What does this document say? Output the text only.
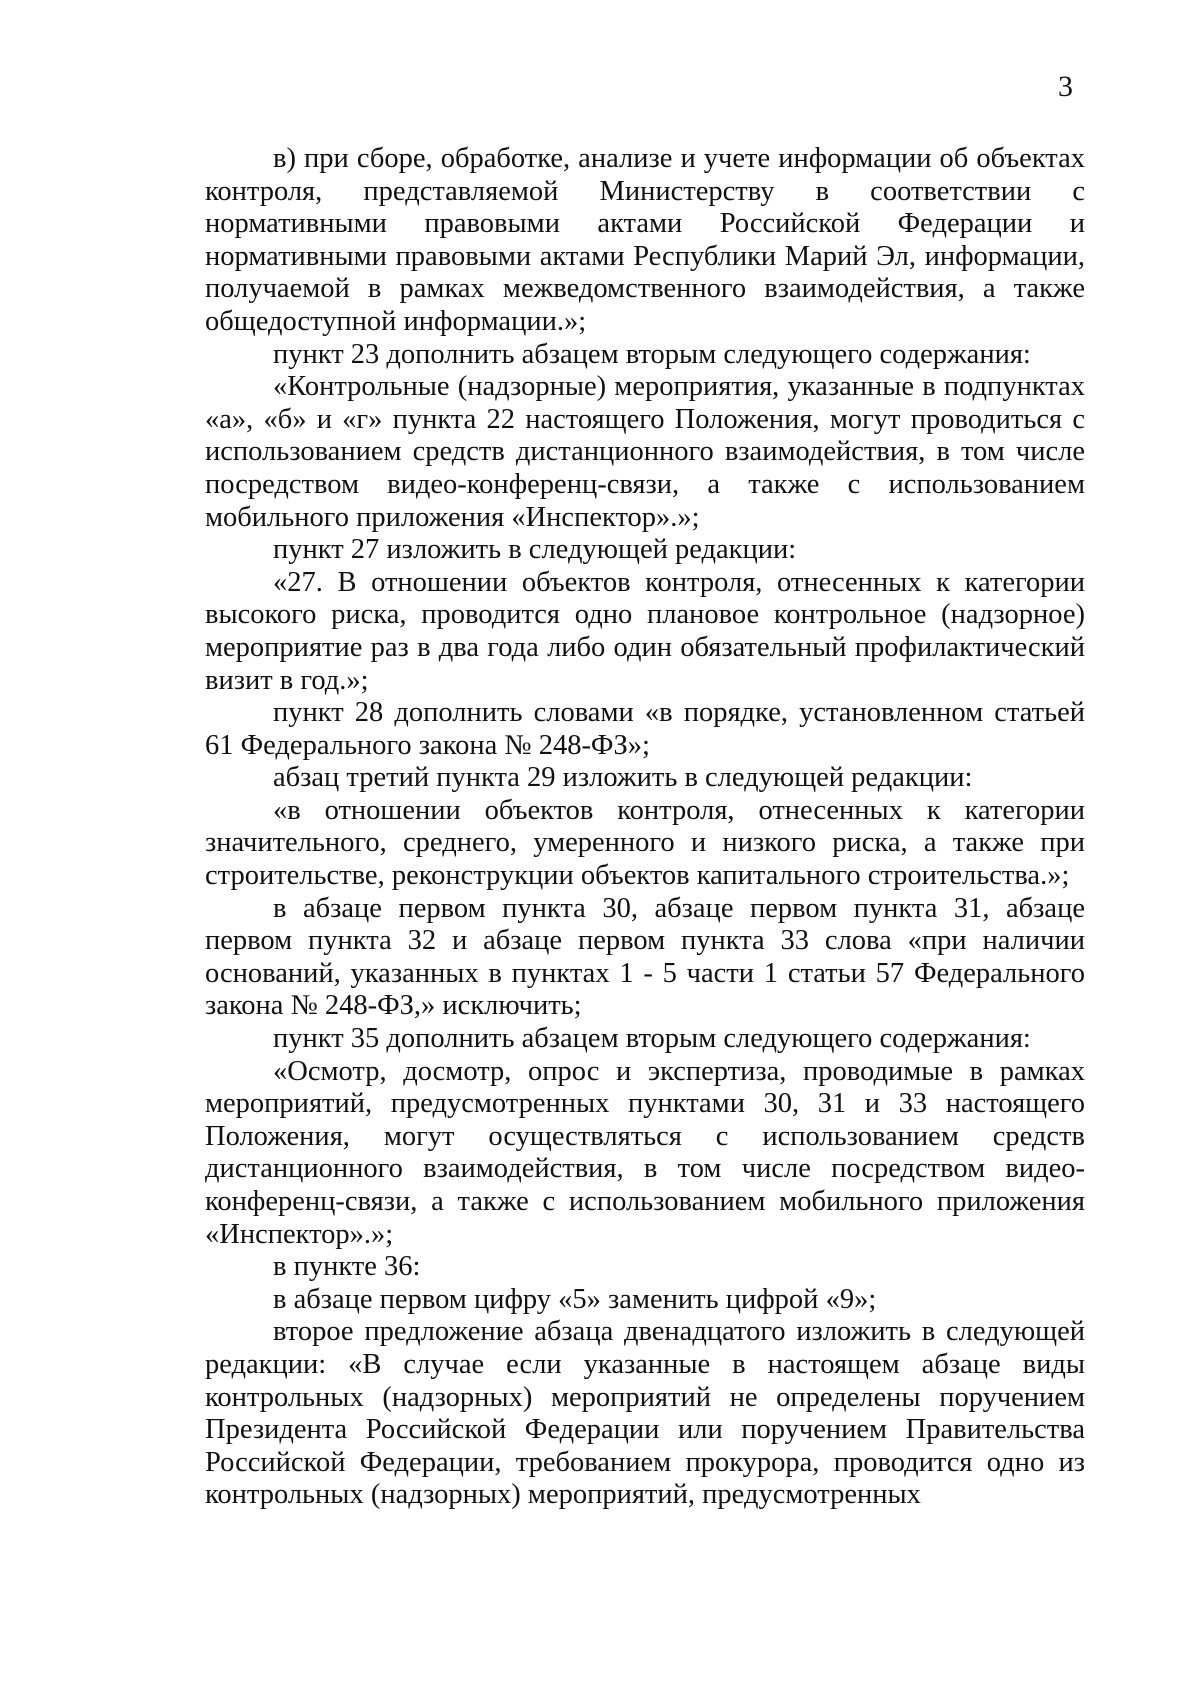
3

в) при сборе, обработке, анализе и учете информации об объектах контроля, представляемой Министерству в соответствии с нормативными правовыми актами Российской Федерации и нормативными правовыми актами Республики Марий Эл, информации, получаемой в рамках межведомственного взаимодействия, а также общедоступной информации.»;

пункт 23 дополнить абзацем вторым следующего содержания:

«Контрольные (надзорные) мероприятия, указанные в подпунктах «а», «б» и «г» пункта 22 настоящего Положения, могут проводиться с использованием средств дистанционного взаимодействия, в том числе посредством видео-конференц-связи, а также с использованием мобильного приложения «Инспектор».»;

пункт 27 изложить в следующей редакции:

«27. В отношении объектов контроля, отнесенных к категории высокого риска, проводится одно плановое контрольное (надзорное) мероприятие раз в два года либо один обязательный профилактический визит в год.»;

пункт 28 дополнить словами «в порядке, установленном статьей 61 Федерального закона № 248-ФЗ»;

абзац третий пункта 29 изложить в следующей редакции:

«в отношении объектов контроля, отнесенных к категории значительного, среднего, умеренного и низкого риска, а также при строительстве, реконструкции объектов капитального строительства.»;

в абзаце первом пункта 30, абзаце первом пункта 31, абзаце первом пункта 32 и абзаце первом пункта 33 слова «при наличии оснований, указанных в пунктах 1 - 5 части 1 статьи 57 Федерального закона № 248-ФЗ,» исключить;

пункт 35 дополнить абзацем вторым следующего содержания:

«Осмотр, досмотр, опрос и экспертиза, проводимые в рамках мероприятий, предусмотренных пунктами 30, 31 и 33 настоящего Положения, могут осуществляться с использованием средств дистанционного взаимодействия, в том числе посредством видео-конференц-связи, а также с использованием мобильного приложения «Инспектор».»;

в пункте 36:

в абзаце первом цифру «5» заменить цифрой «9»;

второе предложение абзаца двенадцатого изложить в следующей редакции: «В случае если указанные в настоящем абзаце виды контрольных (надзорных) мероприятий не определены поручением Президента Российской Федерации или поручением Правительства Российской Федерации, требованием прокурора, проводится одно из контрольных (надзорных) мероприятий, предусмотренных
